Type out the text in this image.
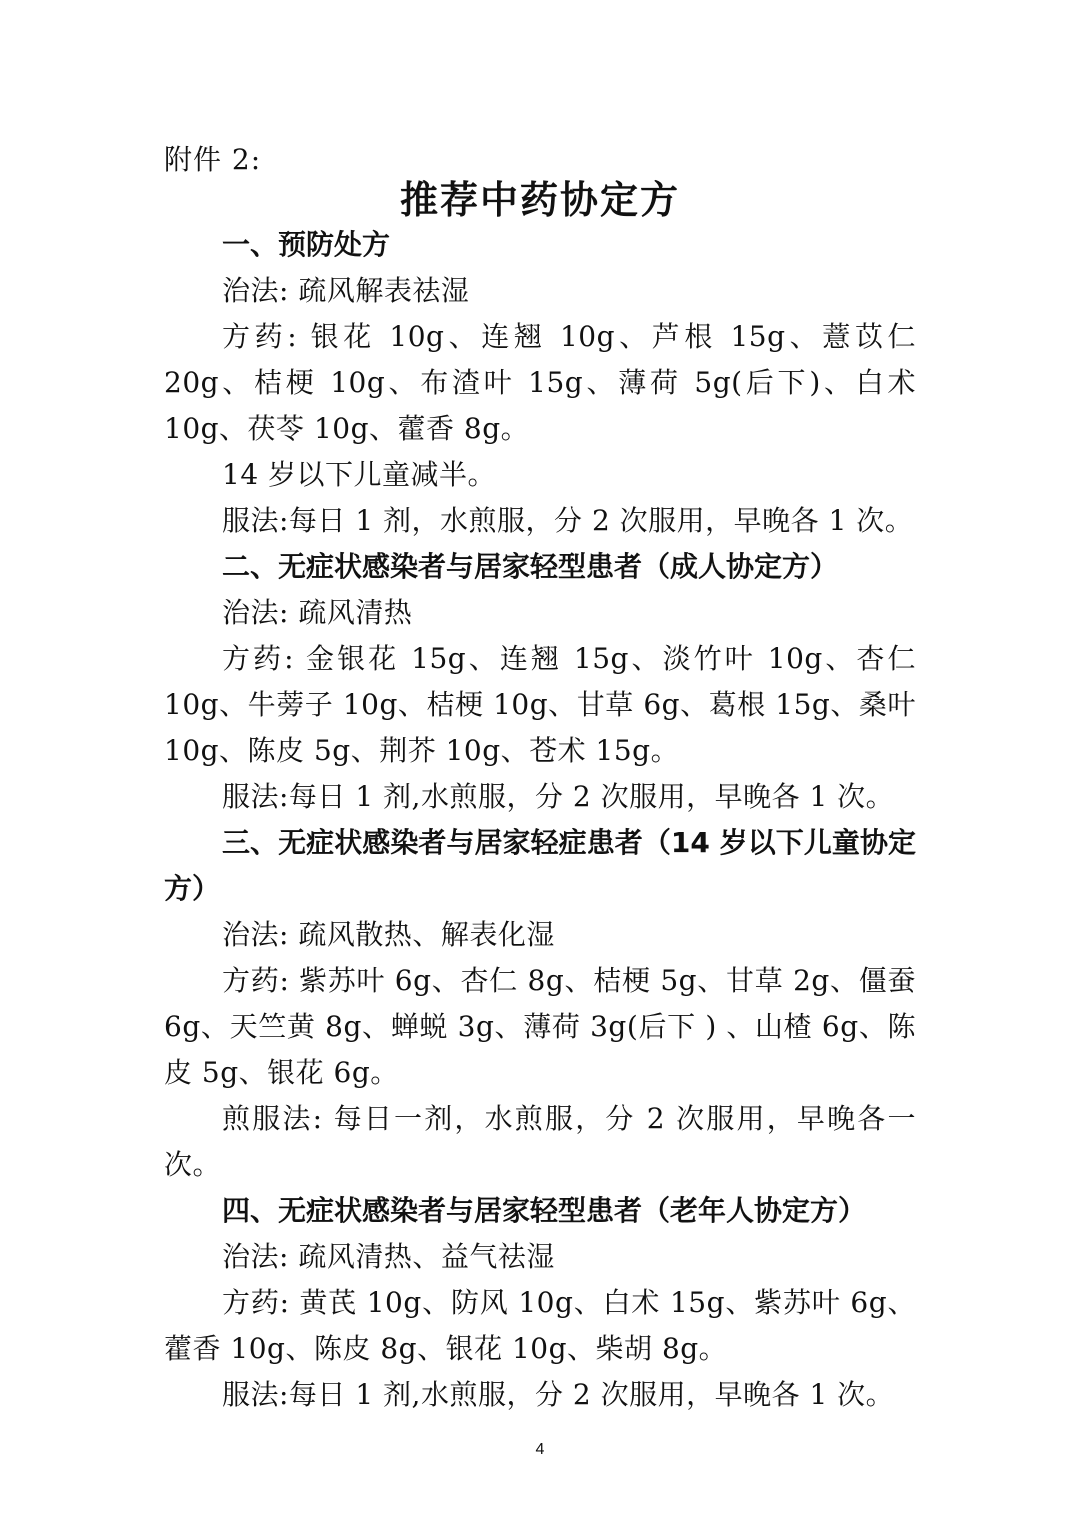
附件 2:
推荐中药协定方

一、预防处方

治法: 疏风解表祛湿

方药: 银花 10g、连翘 10g、芦根 15g、薏苡仁 20g、桔梗 10g、布渣叶 15g、薄荷 5g(后下)、白术 10g、茯苓 10g、藿香 8g。

14 岁以下儿童减半。

服法:每日 1 剂，水煎服，分 2 次服用，早晚各 1 次。

二、无症状感染者与居家轻型患者（成人协定方）

治法: 疏风清热

方药: 金银花 15g、连翘 15g、淡竹叶 10g、杏仁 10g、牛蒡子 10g、桔梗 10g、甘草 6g、葛根 15g、桑叶 10g、陈皮 5g、荆芥 10g、苍术 15g。

服法:每日 1 剂,水煎服，分 2 次服用，早晚各 1 次。

三、无症状感染者与居家轻症患者（14 岁以下儿童协定方）

治法: 疏风散热、解表化湿

方药: 紫苏叶 6g、杏仁 8g、桔梗 5g、甘草 2g、僵蚕 6g、天竺黄 8g、蝉蜕 3g、薄荷 3g(后下 ) 、山楂 6g、陈皮 5g、银花 6g。

煎服法: 每日一剂，水煎服，分 2 次服用，早晚各一次。

四、无症状感染者与居家轻型患者（老年人协定方）

治法: 疏风清热、益气祛湿

方药: 黄芪 10g、防风 10g、白术 15g、紫苏叶 6g、藿香 10g、陈皮 8g、银花 10g、柴胡 8g。

服法:每日 1 剂,水煎服，分 2 次服用，早晚各 1 次。

4
